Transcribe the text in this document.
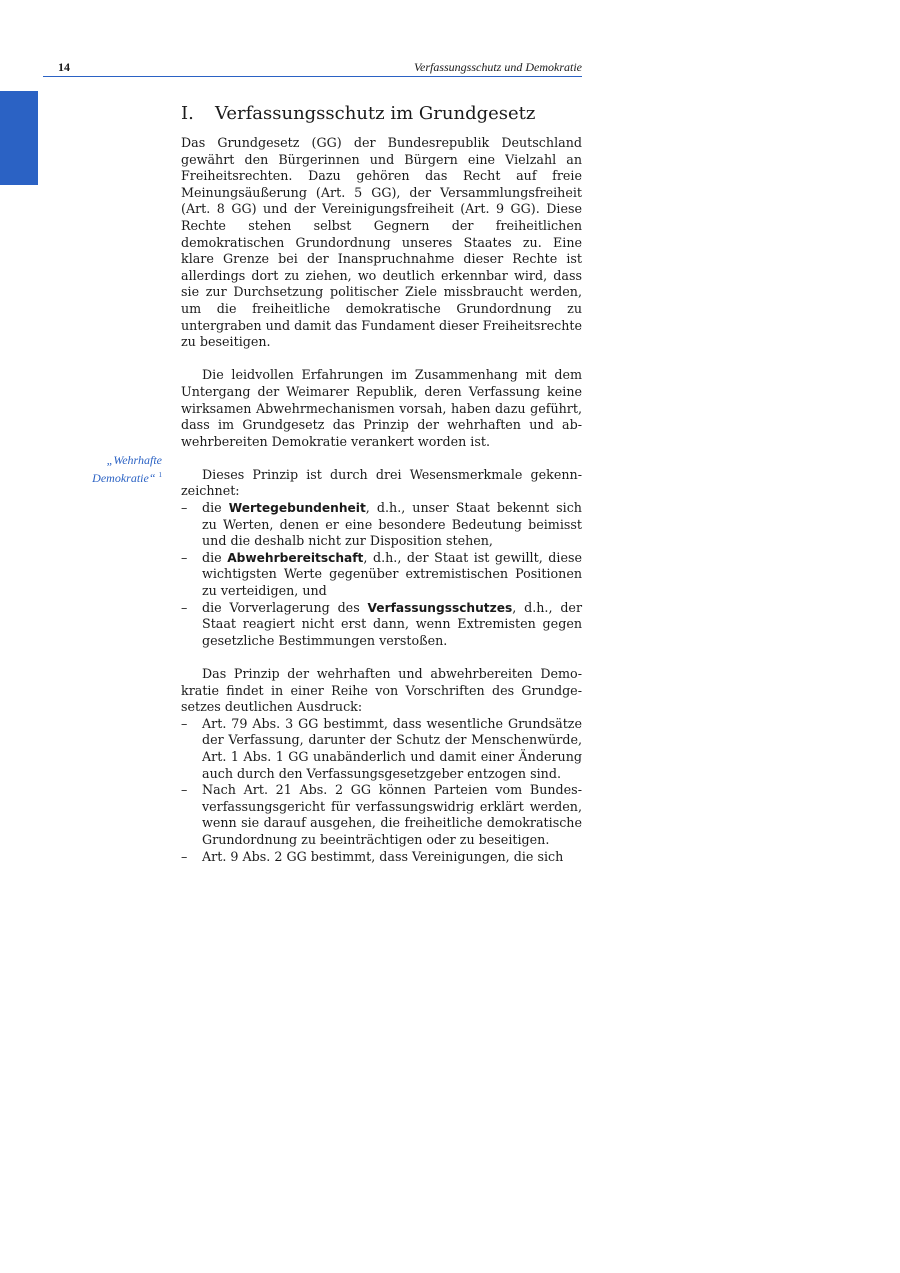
14	Verfassungsschutz und Demokratie
I. Verfassungsschutz im Grundgesetz
„Wehrhafte
Demokratie“ $^1$

Das Grundgesetz (GG) der Bundesrepublik Deutschland gewährt den Bürgerinnen und Bürgern eine Vielzahl an Freiheitsrechten. Dazu gehören das Recht auf freie Meinungsäußerung (Art. 5 GG), der Versammlungsfreiheit (Art. 8 GG) und der Vereinigungsfreiheit (Art. 9 GG). Diese Rechte stehen selbst Gegnern der freiheitlichen demokratischen Grundordnung unseres Staates zu. Eine klare Grenze bei der Inanspruchnahme dieser Rechte ist allerdings dort zu ziehen, wo deutlich erkennbar wird, dass sie zur Durchsetzung politischer Ziele missbraucht werden, um die freiheitliche demokratische Grundordnung zu untergraben und damit das Fundament dieser Freiheitsrechte zu beseitigen.

Die leidvollen Erfahrungen im Zusammenhang mit dem Untergang der Weimarer Republik, deren Verfassung keine wirksamen Abwehrmechanismen vorsah, haben dazu geführt, dass im Grundgesetz das Prinzip der wehrhaften und abwehrbereiten Demokratie verankert worden ist.

Dieses Prinzip ist durch drei Wesensmerkmale gekennzeichnet:

– die Wertegebundenheit, d.h., unser Staat bekennt sich zu Werten, denen er eine besondere Bedeutung beimisst und die deshalb nicht zur Disposition stehen,
– die Abwehrbereitschaft, d.h., der Staat ist gewillt, diese wichtigsten Werte gegenüber extremistischen Positionen zu verteidigen, und
– die Vorverlagerung des Verfassungsschutzes, d.h., der Staat reagiert nicht erst dann, wenn Extremisten gegen gesetzliche Bestimmungen verstoßen.

Das Prinzip der wehrhaften und abwehrbereiten Demokratie findet in einer Reihe von Vorschriften des Grundgesetzes deutlichen Ausdruck:

– Art. 79 Abs. 3 GG bestimmt, dass wesentliche Grundsätze der Verfassung, darunter der Schutz der Menschenwürde, Art. 1 Abs. 1 GG unabänderlich und damit einer Änderung auch durch den Verfassungsgesetzgeber entzogen sind.
– Nach Art. 21 Abs. 2 GG können Parteien vom Bundesverfassungsgericht für verfassungswidrig erklärt werden, wenn sie darauf ausgehen, die freiheitliche demokratische Grundordnung zu beeinträchtigen oder zu beseitigen.
– Art. 9 Abs. 2 GG bestimmt, dass Vereinigungen, die sich
